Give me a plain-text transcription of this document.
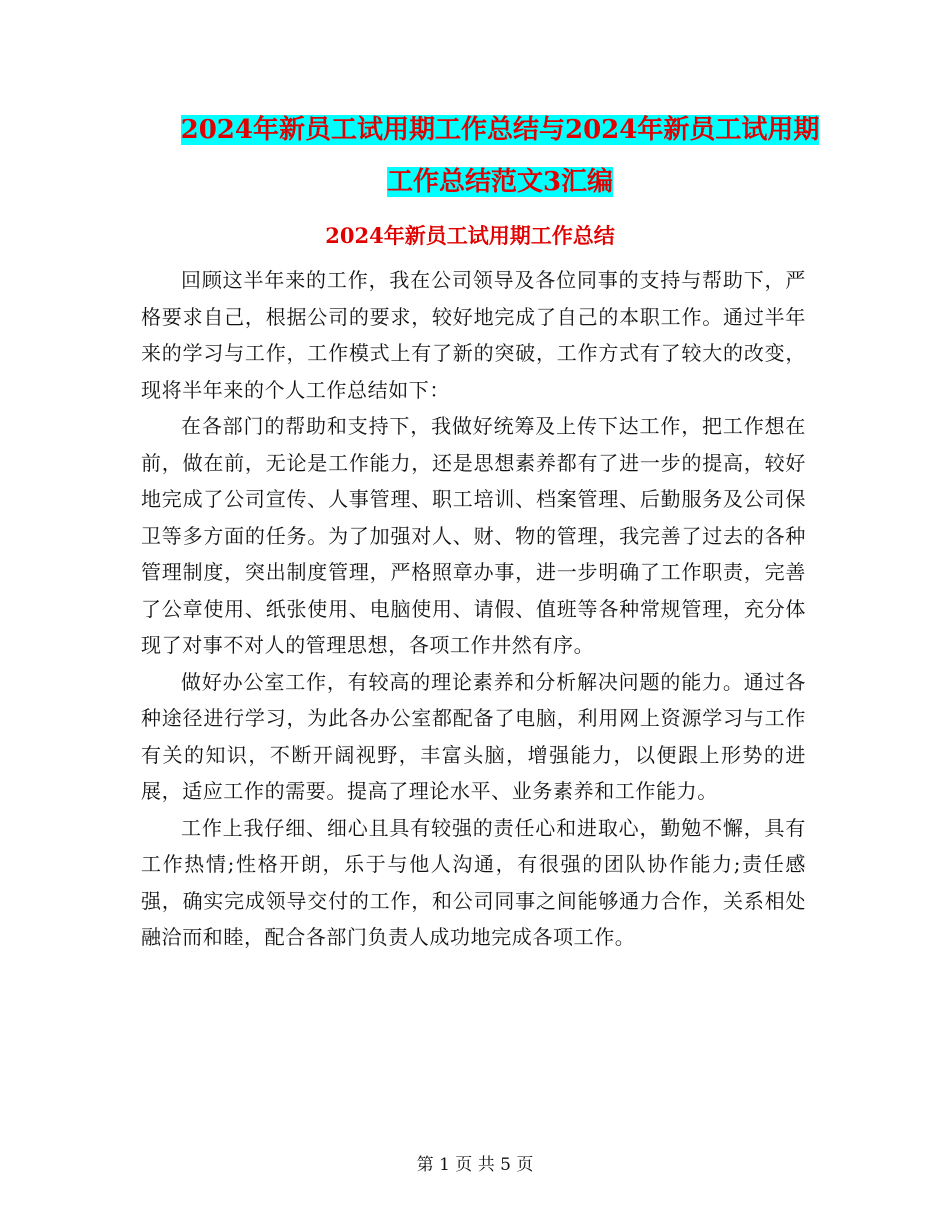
2024年新员工试用期工作总结与2024年新员工试用期
工作总结范文3汇编
2024年新员工试用期工作总结

回顾这半年来的工作，我在公司领导及各位同事的支持与帮助下，严格要求自己，根据公司的要求，较好地完成了自己的本职工作。通过半年来的学习与工作，工作模式上有了新的突破，工作方式有了较大的改变，现将半年来的个人工作总结如下：

在各部门的帮助和支持下，我做好统筹及上传下达工作，把工作想在前，做在前，无论是工作能力，还是思想素养都有了进一步的提高，较好地完成了公司宣传、人事管理、职工培训、档案管理、后勤服务及公司保卫等多方面的任务。为了加强对人、财、物的管理，我完善了过去的各种管理制度，突出制度管理，严格照章办事，进一步明确了工作职责，完善了公章使用、纸张使用、电脑使用、请假、值班等各种常规管理，充分体现了对事不对人的管理思想，各项工作井然有序。

做好办公室工作，有较高的理论素养和分析解决问题的能力。通过各种途径进行学习，为此各办公室都配备了电脑，利用网上资源学习与工作有关的知识，不断开阔视野，丰富头脑，增强能力，以便跟上形势的进展，适应工作的需要。提高了理论水平、业务素养和工作能力。

工作上我仔细、细心且具有较强的责任心和进取心，勤勉不懈，具有工作热情;性格开朗，乐于与他人沟通，有很强的团队协作能力;责任感强，确实完成领导交付的工作，和公司同事之间能够通力合作，关系相处融洽而和睦，配合各部门负责人成功地完成各项工作。

第 1 页 共 5 页
